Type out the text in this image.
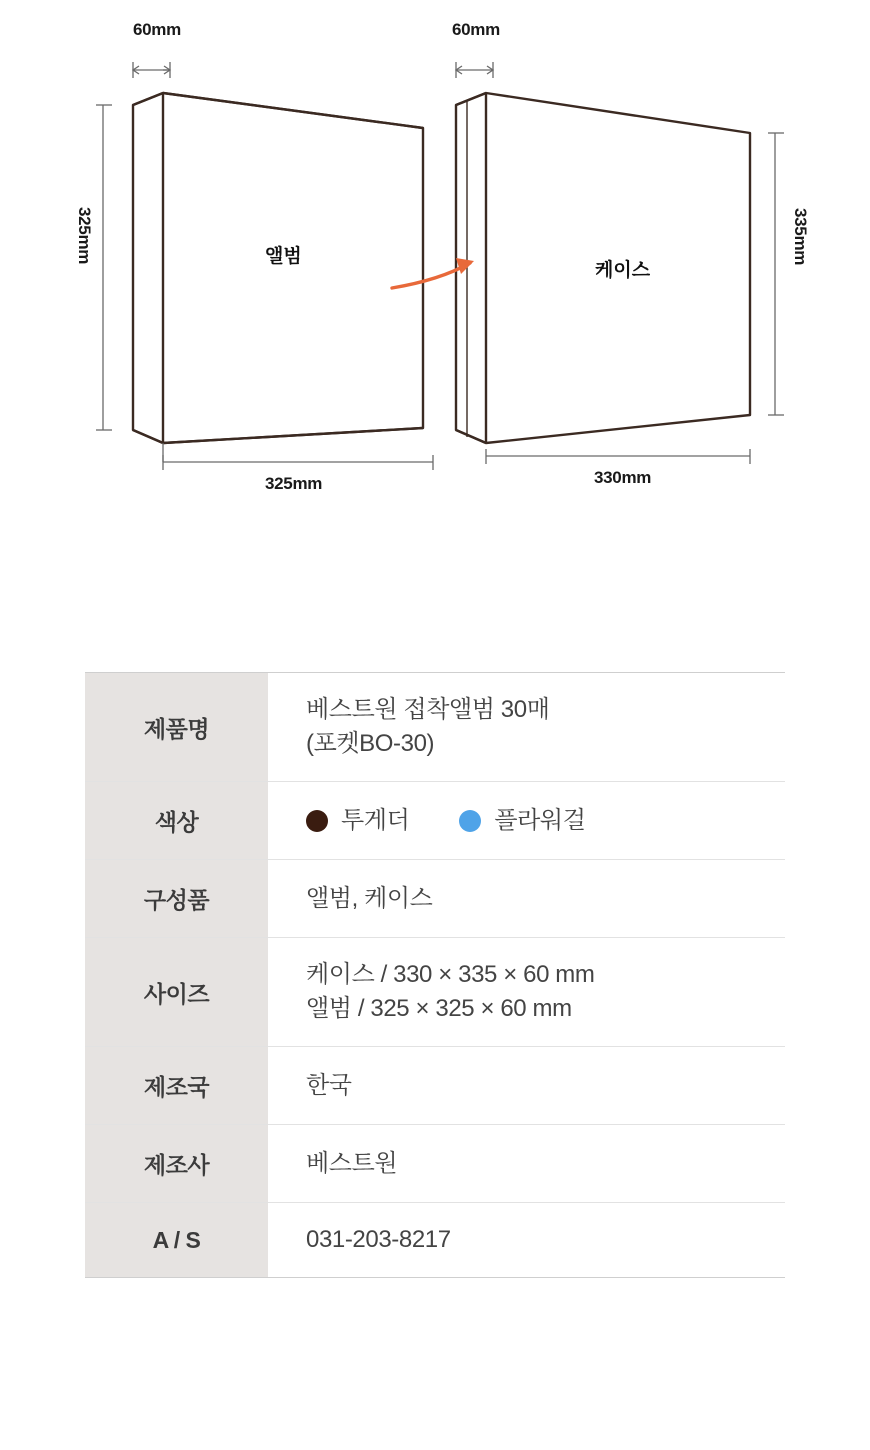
60mm	60mm
325mm	335mm
325mm	330mm
앨범
케이스
제품명	베스트원 접착앨범 30매
(포켓BO-30)

색상	투게더 플라워걸

구성품	앨범, 케이스
사이즈	케이스 / 330 × 335 × 60 mm
앨범 / 325 × 325 × 60 mm

제조국	한국
제조사	베스트원
A / S	031-203-8217
